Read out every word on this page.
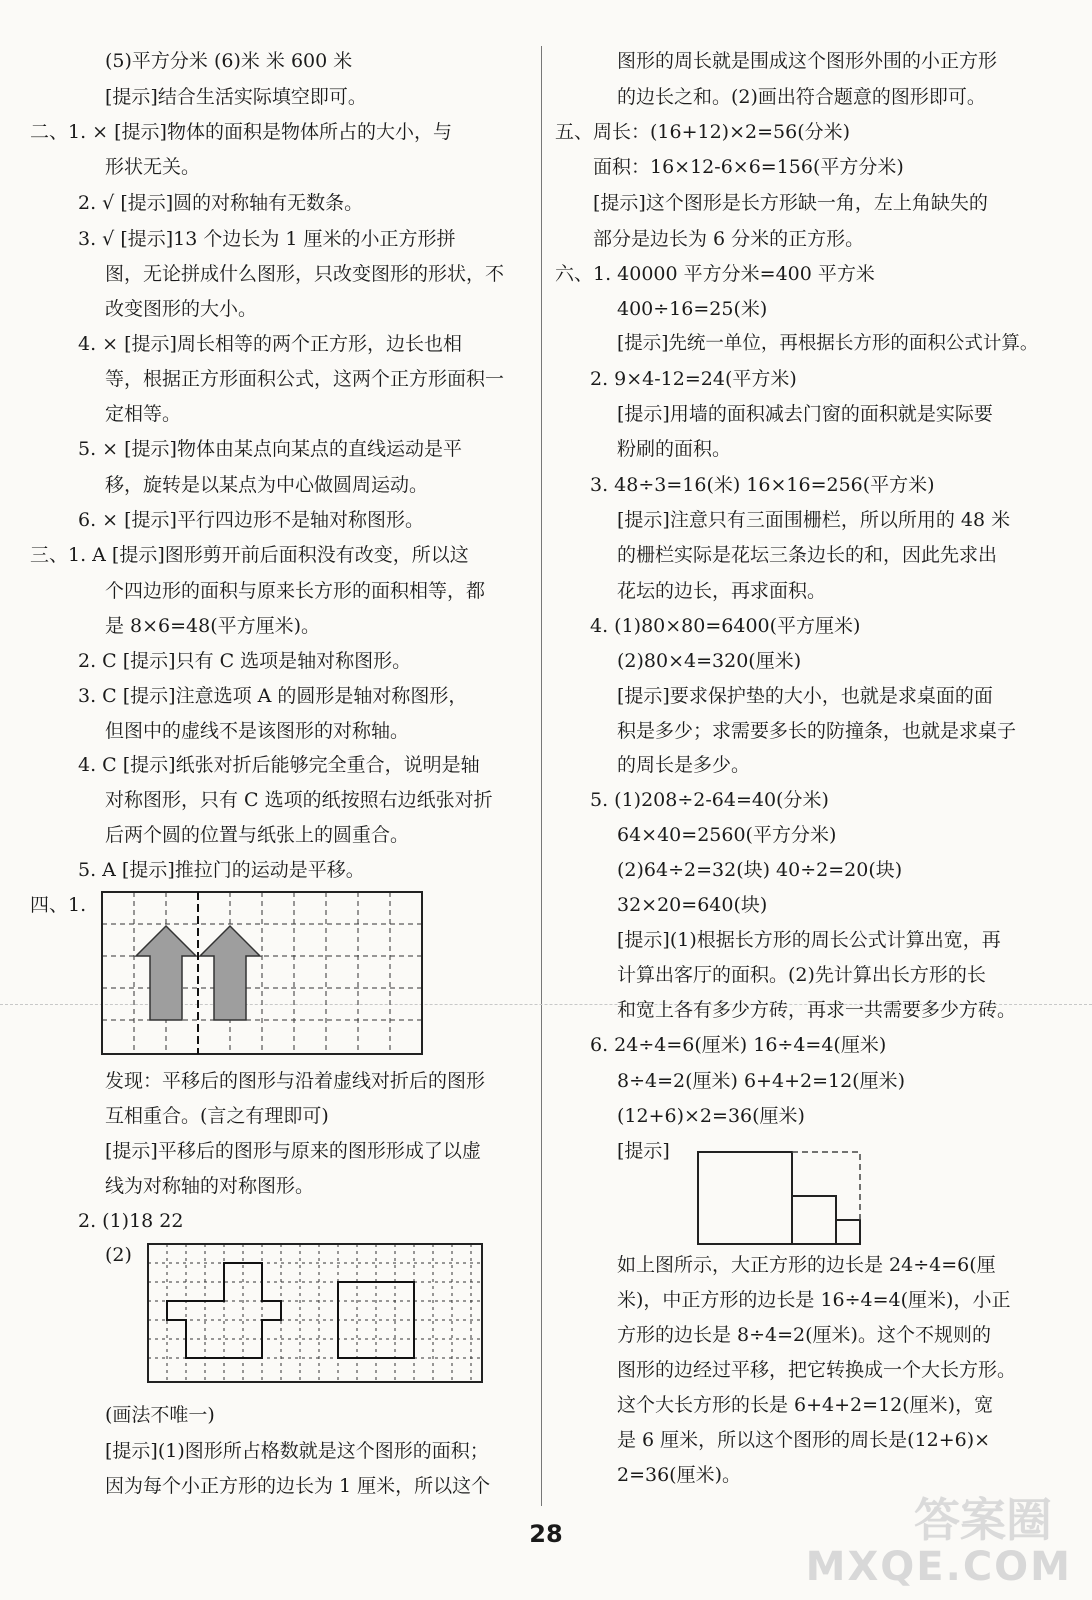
(5)平方分米 (6)米 米 600 米
[提示]结合生活实际填空即可。
二、1. × [提示]物体的面积是物体所占的大小，与
形状无关。
2. √ [提示]圆的对称轴有无数条。
3. √ [提示]13 个边长为 1 厘米的小正方形拼
图，无论拼成什么图形，只改变图形的形状，不
改变图形的大小。
4. × [提示]周长相等的两个正方形，边长也相
等，根据正方形面积公式，这两个正方形面积一
定相等。
5. × [提示]物体由某点向某点的直线运动是平
移，旋转是以某点为中心做圆周运动。
6. × [提示]平行四边形不是轴对称图形。
三、1. A [提示]图形剪开前后面积没有改变，所以这
个四边形的面积与原来长方形的面积相等，都
是 8×6=48(平方厘米)。
2. C [提示]只有 C 选项是轴对称图形。
3. C [提示]注意选项 A 的圆形是轴对称图形，
但图中的虚线不是该图形的对称轴。
4. C [提示]纸张对折后能够完全重合，说明是轴
对称图形，只有 C 选项的纸按照右边纸张对折
后两个圆的位置与纸张上的圆重合。
5. A [提示]推拉门的运动是平移。
四、1.
发现：平移后的图形与沿着虚线对折后的图形
互相重合。(言之有理即可)
[提示]平移后的图形与原来的图形形成了以虚
线为对称轴的对称图形。
2. (1)18 22
(2)
(画法不唯一)
[提示](1)图形所占格数就是这个图形的面积；
因为每个小正方形的边长为 1 厘米，所以这个
图形的周长就是围成这个图形外围的小正方形
的边长之和。(2)画出符合题意的图形即可。
五、周长：(16+12)×2=56(分米)
面积：16×12-6×6=156(平方分米)
[提示]这个图形是长方形缺一角，左上角缺失的
部分是边长为 6 分米的正方形。
六、1. 40000 平方分米=400 平方米
400÷16=25(米)
[提示]先统一单位，再根据长方形的面积公式计算。
2. 9×4-12=24(平方米)
[提示]用墙的面积减去门窗的面积就是实际要
粉刷的面积。
3. 48÷3=16(米) 16×16=256(平方米)
[提示]注意只有三面围栅栏，所以所用的 48 米
的栅栏实际是花坛三条边长的和，因此先求出
花坛的边长，再求面积。
4. (1)80×80=6400(平方厘米)
(2)80×4=320(厘米)
[提示]要求保护垫的大小，也就是求桌面的面
积是多少；求需要多长的防撞条，也就是求桌子
的周长是多少。
5. (1)208÷2-64=40(分米)
64×40=2560(平方分米)
(2)64÷2=32(块) 40÷2=20(块)
32×20=640(块)
[提示](1)根据长方形的周长公式计算出宽，再
计算出客厅的面积。(2)先计算出长方形的长
和宽上各有多少方砖，再求一共需要多少方砖。
6. 24÷4=6(厘米) 16÷4=4(厘米)
8÷4=2(厘米) 6+4+2=12(厘米)
(12+6)×2=36(厘米)
[提示]
如上图所示，大正方形的边长是 24÷4=6(厘
米)，中正方形的边长是 16÷4=4(厘米)，小正
方形的边长是 8÷4=2(厘米)。这个不规则的
图形的边经过平移，把它转换成一个大长方形。
这个大长方形的长是 6+4+2=12(厘米)，宽
是 6 厘米，所以这个图形的周长是(12+6)×
2=36(厘米)。
28	答案圈
MXQE.COM
